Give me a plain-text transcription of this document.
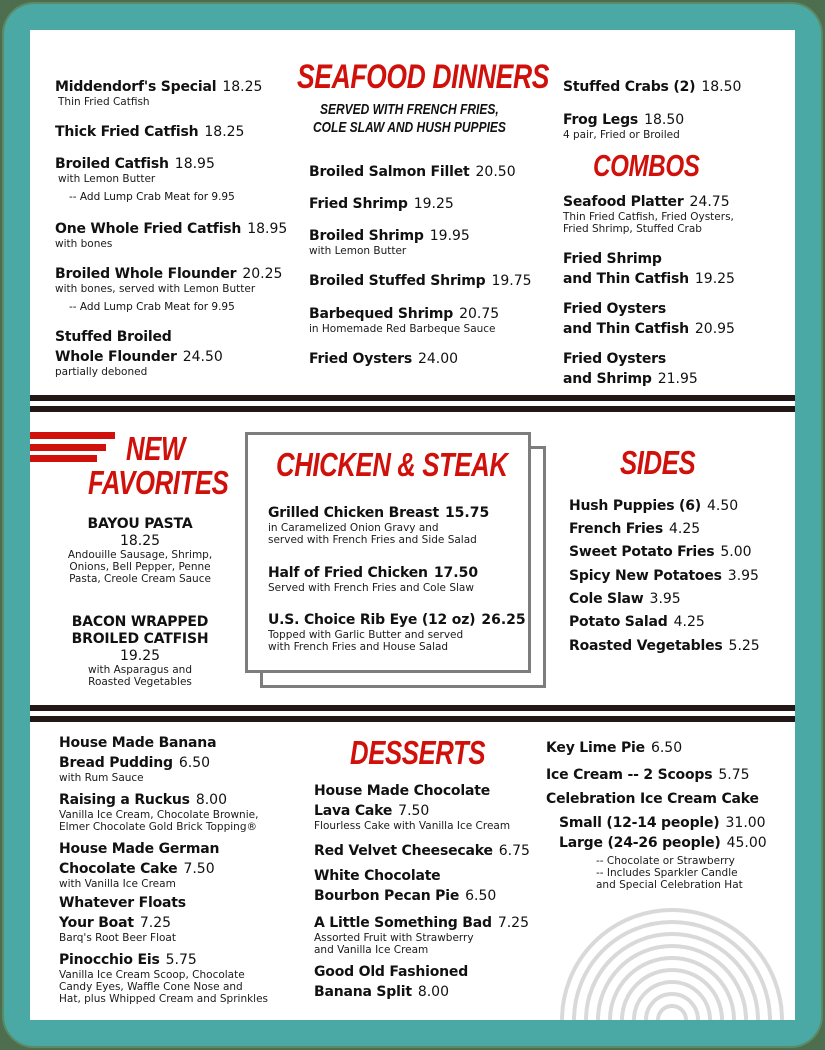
Middendorf's Special 18.25
Thin Fried Catfish
Thick Fried Catfish 18.25
Broiled Catfish 18.95
with Lemon Butter
-- Add Lump Crab Meat for 9.95
One Whole Fried Catfish 18.95
with bones
Broiled Whole Flounder 20.25
with bones, served with Lemon Butter
-- Add Lump Crab Meat for 9.95
Stuffed Broiled
Whole Flounder 24.50
partially deboned
SEAFOOD DINNERS
SERVED WITH FRENCH FRIES,
COLE SLAW AND HUSH PUPPIES
Broiled Salmon Fillet 20.50
Fried Shrimp 19.25
Broiled Shrimp 19.95
with Lemon Butter
Broiled Stuffed Shrimp 19.75
Barbequed Shrimp 20.75
in Homemade Red Barbeque Sauce
Fried Oysters 24.00
Stuffed Crabs (2) 18.50
Frog Legs 18.50
4 pair, Fried or Broiled
COMBOS
Seafood Platter 24.75
Thin Fried Catfish, Fried Oysters,
Fried Shrimp, Stuffed Crab
Fried Shrimp
and Thin Catfish 19.25
Fried Oysters
and Thin Catfish 20.95
Fried Oysters
and Shrimp 21.95
NEW
FAVORITES
BAYOU PASTA
18.25
Andouille Sausage, Shrimp,
Onions, Bell Pepper, Penne
Pasta, Creole Cream Sauce
BACON WRAPPED
BROILED CATFISH
19.25
with Asparagus and
Roasted Vegetables
CHICKEN & STEAK
Grilled Chicken Breast 15.75
in Caramelized Onion Gravy and
served with French Fries and Side Salad
Half of Fried Chicken 17.50
Served with French Fries and Cole Slaw
U.S. Choice Rib Eye (12 oz) 26.25
Topped with Garlic Butter and served
with French Fries and House Salad
SIDES
Hush Puppies (6) 4.50
French Fries 4.25
Sweet Potato Fries 5.00
Spicy New Potatoes 3.95
Cole Slaw 3.95
Potato Salad 4.25
Roasted Vegetables 5.25
House Made Banana
Bread Pudding 6.50
with Rum Sauce
Raising a Ruckus 8.00
Vanilla Ice Cream, Chocolate Brownie,
Elmer Chocolate Gold Brick Topping®
House Made German
Chocolate Cake 7.50
with Vanilla Ice Cream
Whatever Floats
Your Boat 7.25
Barq's Root Beer Float
Pinocchio Eis 5.75
Vanilla Ice Cream Scoop, Chocolate
Candy Eyes, Waffle Cone Nose and
Hat, plus Whipped Cream and Sprinkles
DESSERTS
House Made Chocolate
Lava Cake 7.50
Flourless Cake with Vanilla Ice Cream
Red Velvet Cheesecake 6.75
White Chocolate
Bourbon Pecan Pie 6.50
A Little Something Bad 7.25
Assorted Fruit with Strawberry
and Vanilla Ice Cream
Good Old Fashioned
Banana Split 8.00
Key Lime Pie 6.50
Ice Cream -- 2 Scoops 5.75
Celebration Ice Cream Cake
Small (12-14 people) 31.00
Large (24-26 people) 45.00
-- Chocolate or Strawberry
-- Includes Sparkler Candle
and Special Celebration Hat
